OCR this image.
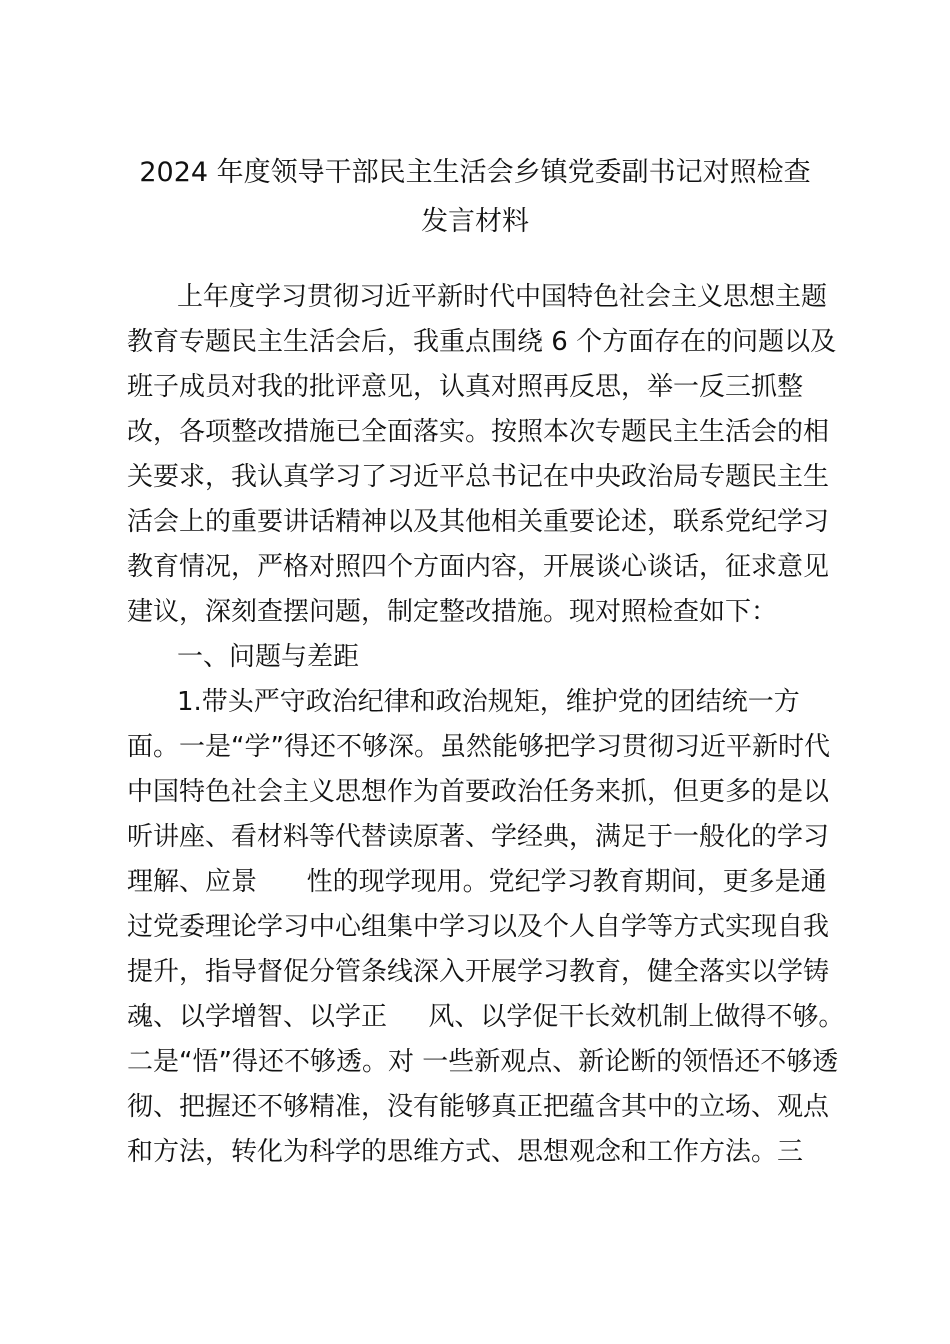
2024 年度领导干部民主生活会乡镇党委副书记对照检查
发言材料

上年度学习贯彻习近平新时代中国特色社会主义思想主题

教育专题民主生活会后，我重点围绕 6 个方面存在的问题以及

班子成员对我的批评意见，认真对照再反思，举一反三抓整

改，各项整改措施已全面落实。按照本次专题民主生活会的相

关要求，我认真学习了习近平总书记在中央政治局专题民主生

活会上的重要讲话精神以及其他相关重要论述，联系党纪学习

教育情况，严格对照四个方面内容，开展谈心谈话，征求意见

建议，深刻查摆问题，制定整改措施。现对照检查如下：

一、问题与差距

1.带头严守政治纪律和政治规矩，维护党的团结统一方

面。一是“学”得还不够深。虽然能够把学习贯彻习近平新时代

中国特色社会主义思想作为首要政治任务来抓，但更多的是以

听讲座、看材料等代替读原著、学经典，满足于一般化的学习

理解、应景      性的现学现用。党纪学习教育期间，更多是通

过党委理论学习中心组集中学习以及个人自学等方式实现自我

提升，指导督促分管条线深入开展学习教育，健全落实以学铸

魂、以学增智、以学正     风、以学促干长效机制上做得不够。

二是“悟”得还不够透。对 一些新观点、新论断的领悟还不够透

彻、把握还不够精准，没有能够真正把蕴含其中的立场、观点

和方法，转化为科学的思维方式、思想观念和工作方法。三
